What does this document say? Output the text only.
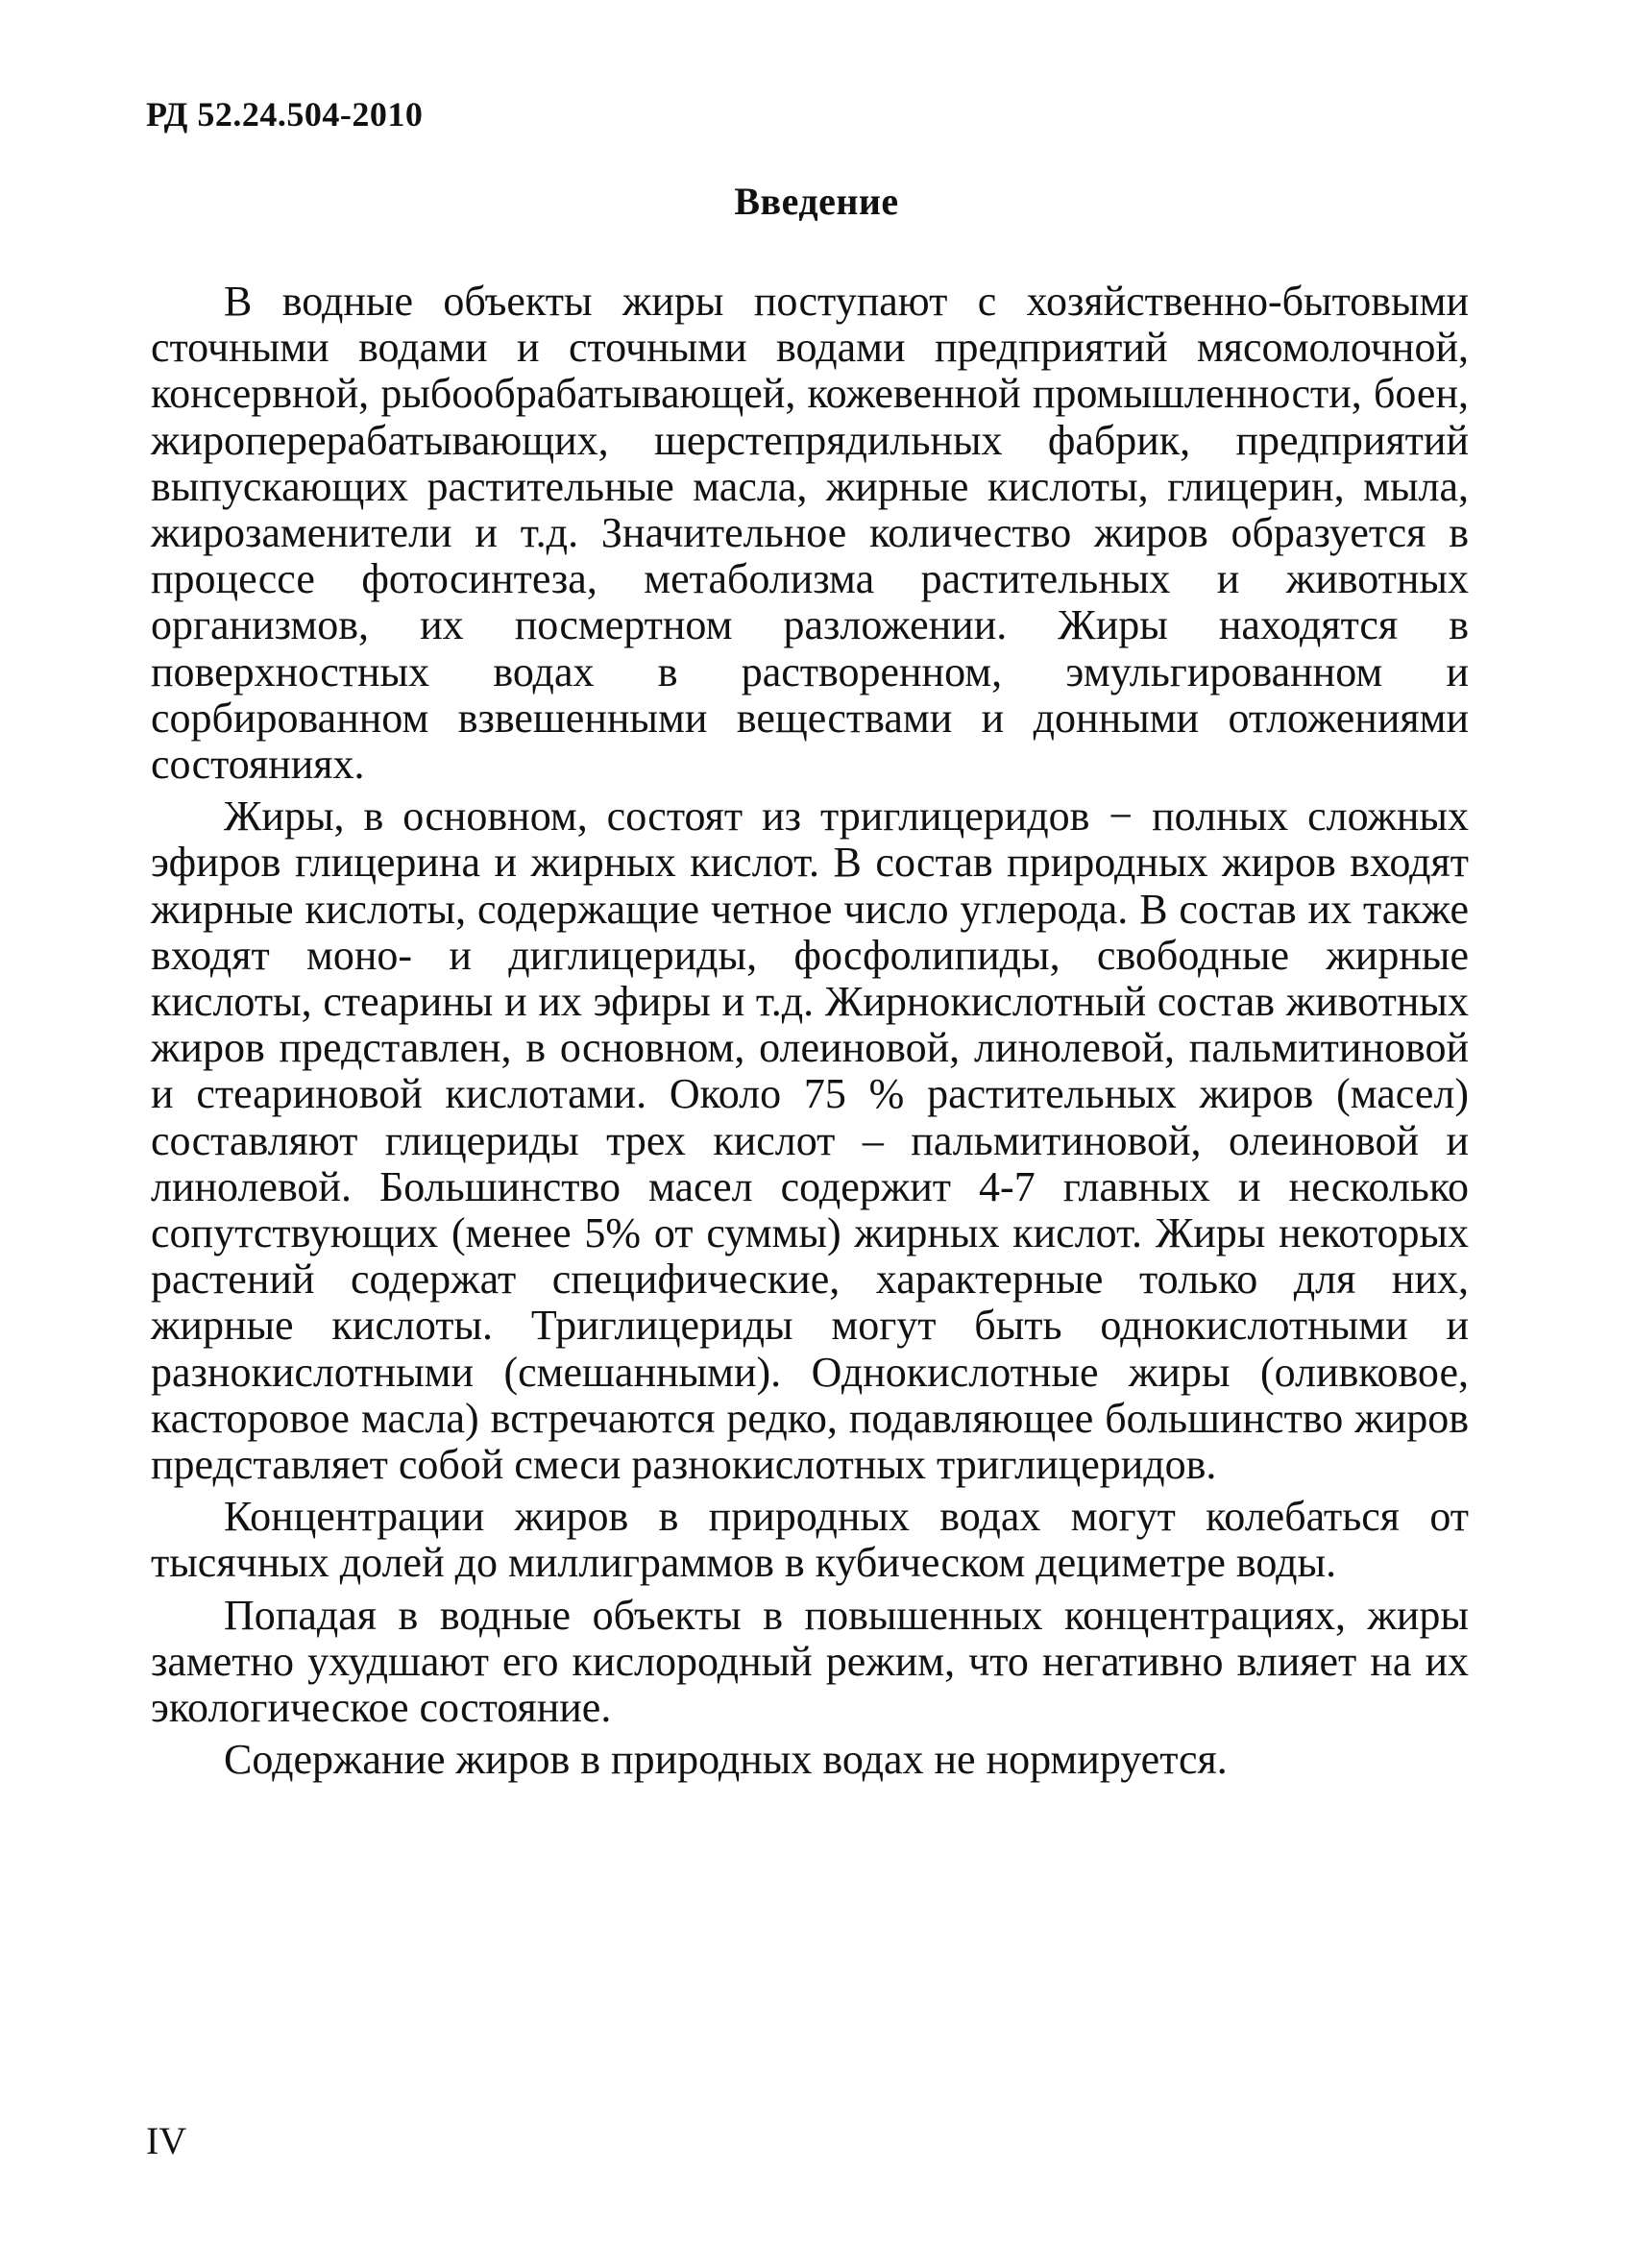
РД 52.24.504-2010
Введение

В водные объекты жиры поступают с хозяйственно-бытовыми сточными водами и сточными водами предприятий мясомолочной, консервной, рыбообрабатывающей, кожевенной промышленности, боен, жироперерабатывающих, шерстепрядильных фабрик, предприятий выпускающих растительные масла, жирные кислоты, глицерин, мыла, жирозаменители и т.д. Значительное количество жиров образуется в процессе фотосинтеза, метаболизма растительных и животных организмов, их посмертном разложении. Жиры находятся в поверхностных водах в растворенном, эмульгированном и сорбированном взвешенными веществами и донными отложениями состояниях.

Жиры, в основном, состоят из триглицеридов − полных сложных эфиров глицерина и жирных кислот. В состав природных жиров входят жирные кислоты, содержащие четное число углерода. В состав их также входят моно- и диглицериды, фосфолипиды, свободные жирные кислоты, стеарины и их эфиры и т.д. Жирнокислотный состав животных жиров представлен, в основном, олеиновой, линолевой, пальмитиновой и стеариновой кислотами. Около 75 % растительных жиров (масел) составляют глицериды трех кислот – пальмитиновой, олеиновой и линолевой. Большинство масел содержит 4-7 главных и несколько сопутствующих (менее 5% от суммы) жирных кислот. Жиры некоторых растений содержат специфические, характерные только для них, жирные кислоты. Триглицериды могут быть однокислотными и разнокислотными (смешанными). Однокислотные жиры (оливковое, касторовое масла) встречаются редко, подавляющее большинство жиров представляет собой смеси разнокислотных триглицеридов.

Концентрации жиров в природных водах могут колебаться от тысячных долей до миллиграммов в кубическом дециметре воды.

Попадая в водные объекты в повышенных концентрациях, жиры заметно ухудшают его кислородный режим, что негативно влияет на их экологическое состояние.

Содержание жиров в природных водах не нормируется.

IV
